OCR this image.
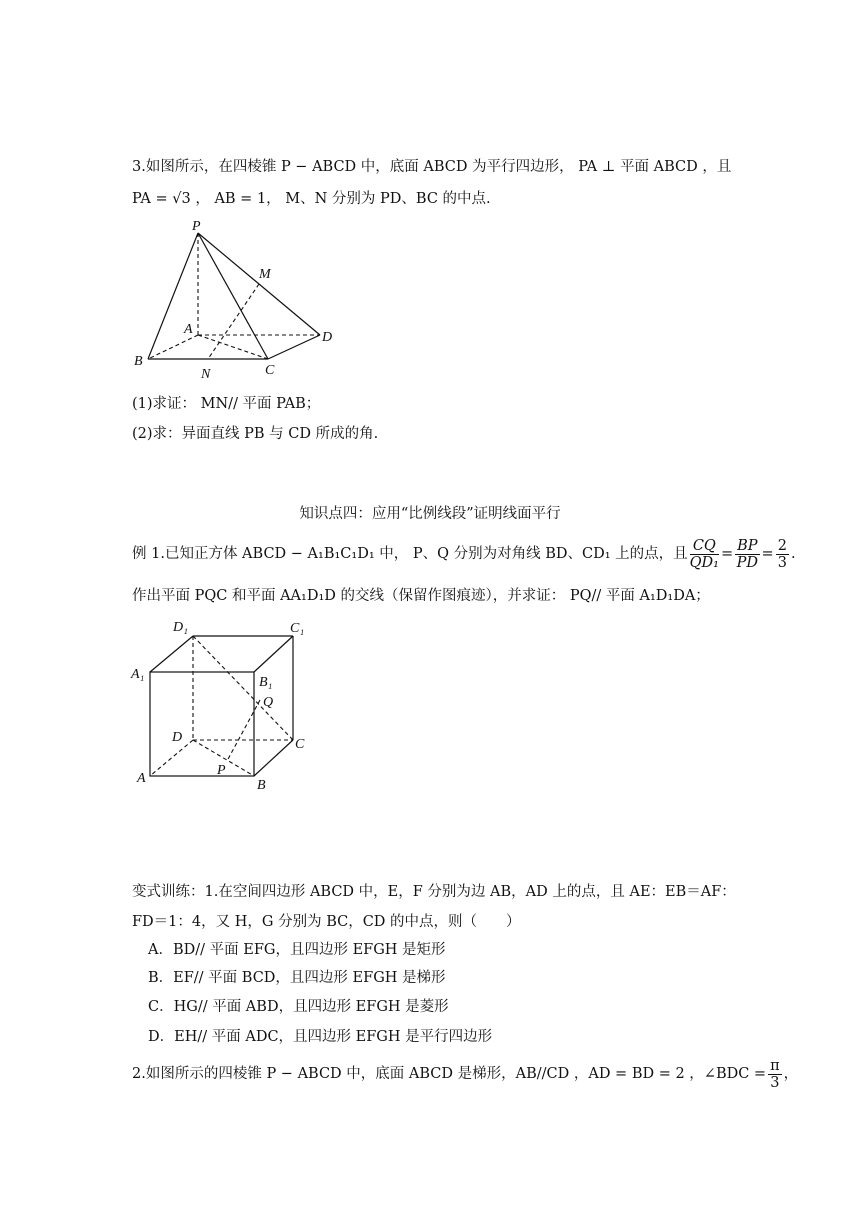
3.如图所示，在四棱锥 P − ABCD 中，底面 ABCD 为平行四边形， PA ⊥ 平面 ABCD ，且
PA = √3 ， AB = 1， M、N 分别为 PD、BC 的中点.
P
M
A
D
B
N	C
(1)求证： MN// 平面 PAB；
(2)求：异面直线 PB 与 CD 所成的角.
知识点四：应用“比例线段”证明线面平行
例 1.已知正方体 ABCD − A₁B₁C₁D₁ 中， P、Q 分别为对角线 BD、CD₁ 上的点，且 $\frac{CQ}{\text{QD₁}} = \frac{BP}{PD} = \frac{2}{3}$ .
作出平面 PQC 和平面 AA₁D₁D 的交线（保留作图痕迹），并求证： PQ// 平面 A₁D₁DA；
D₁	C₁
A₁
B₁
Q
D	C
P
A	B
变式训练：1.在空间四边形 ABCD 中，E，F 分别为边 AB，AD 上的点，且 AE：EB＝AF：
FD＝1：4，又 H，G 分别为 BC，CD 的中点，则（　　）
A．BD// 平面 EFG，且四边形 EFGH 是矩形
B．EF// 平面 BCD，且四边形 EFGH 是梯形
C．HG// 平面 ABD，且四边形 EFGH 是菱形
D．EH// 平面 ADC，且四边形 EFGH 是平行四边形
2.如图所示的四棱锥 P − ABCD 中，底面 ABCD 是梯形，AB//CD ，AD = BD = 2 ，∠BDC = $\frac{\pi}{3}$ ，
